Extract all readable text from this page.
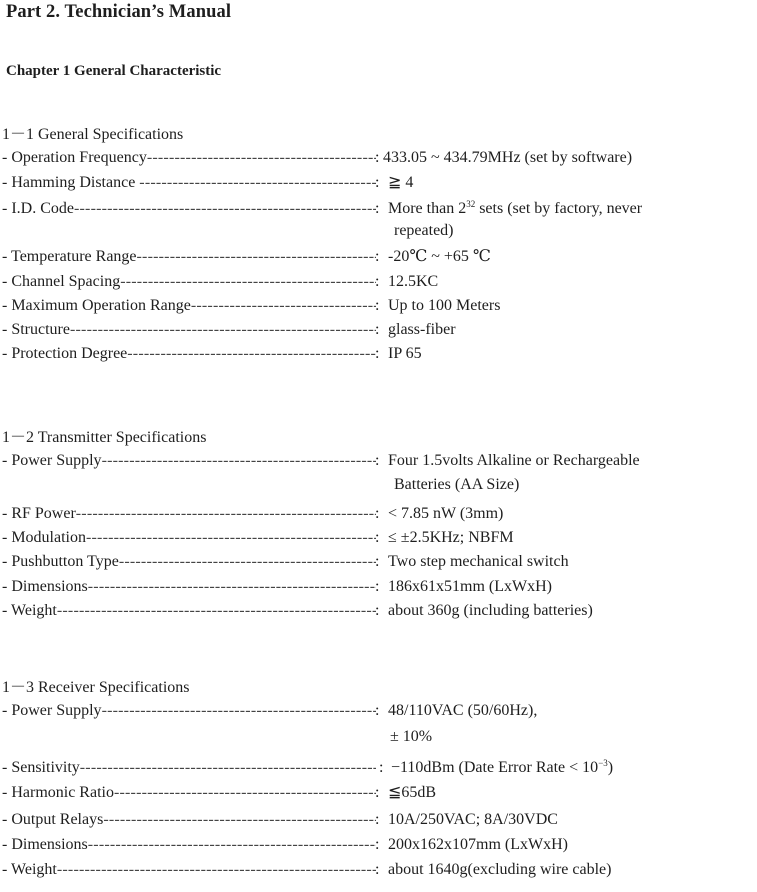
Part 2. Technician’s Manual
Chapter 1 General Characteristic
1－1 General Specifications
- Operation Frequency -----	: 433.05 ~ 434.79MHz (set by software)
- Hamming Distance -----	: ≧ 4
- I.D. Code -----	: More than $2^{32}$ sets (set by factory, never
repeated)
- Temperature Range -----	: -20℃ ~ +65 ℃
- Channel Spacing -----	: 12.5KC
- Maximum Operation Range -----	: Up to 100 Meters
- Structure -----	: glass-fiber
- Protection Degree -----	: IP 65
1－2 Transmitter Specifications
- Power Supply -----	: Four 1.5volts Alkaline or Rechargeable
Batteries (AA Size)
- RF Power -----	: < 7.85 nW (3mm)
- Modulation -----	: ≤ ±2.5KHz; NBFM
- Pushbutton Type -----	: Two step mechanical switch
- Dimensions -----	: 186x61x51mm (LxWxH)
- Weight -----	: about 360g (including batteries)
1－3 Receiver Specifications
- Power Supply -----	: 48/110VAC (50/60Hz),
± 10%
- Sensitivity -----	: −110dBm (Date Error Rate < $10^{-3}$)
- Harmonic Ratio -----	: ≦65dB
- Output Relays -----	: 10A/250VAC; 8A/30VDC
- Dimensions -----	: 200x162x107mm (LxWxH)
- Weight -----	: about 1640g(excluding wire cable)
